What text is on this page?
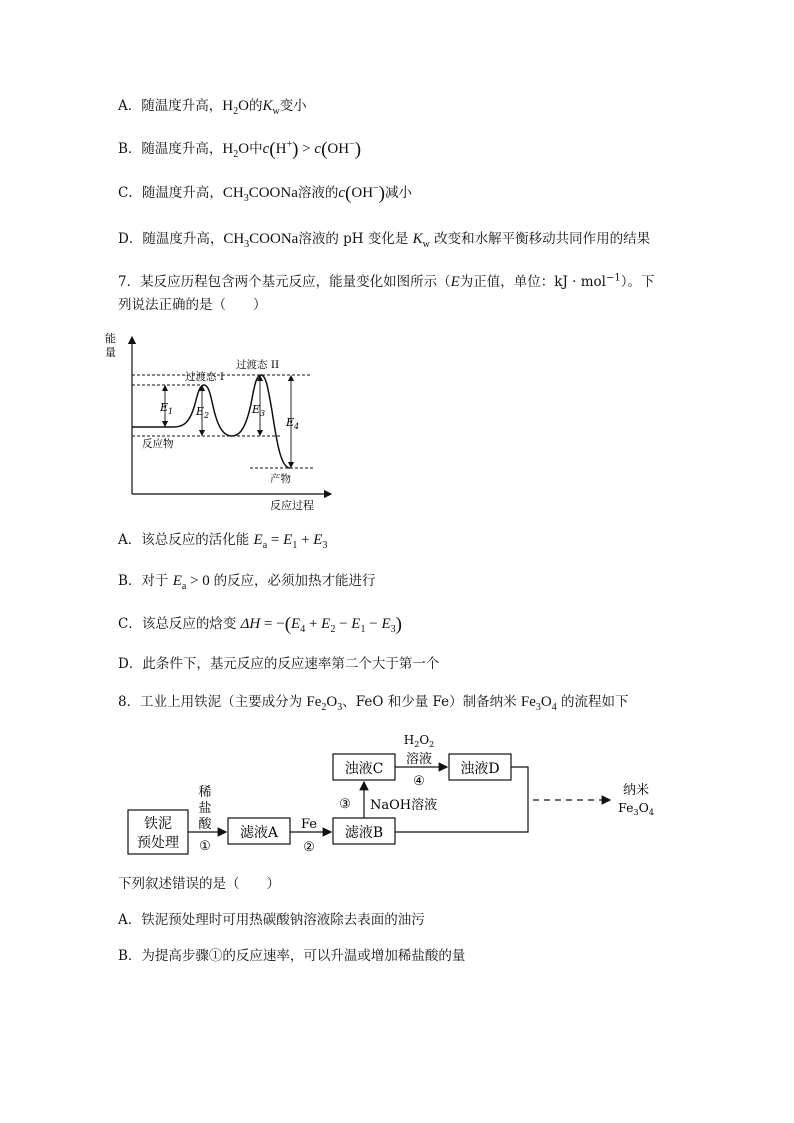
A．随温度升高，$H_2O$的$K_w$变小
B．随温度升高，$H_2O$中c(H+) > c(OH−)
C．随温度升高，$CH_3COONa$溶液的c(OH−)减小
D．随温度升高，$CH_3COONa$溶液的 pH 变化是 $K_w$ 改变和水解平衡移动共同作用的结果
7．某反应历程包含两个基元反应，能量变化如图所示（E为正值，单位：kJ · mol$^{-1}$）。下
列说法正确的是（　　）
能
量
反应过程
$E_1$ $E_2$	$E_3$
$E_4$
过渡态 I
过渡态 II
反应物
产物
A．该总反应的活化能 $E_a = E_1 + E_3$
B．对于 $E_a > 0$ 的反应，必须加热才能进行
C．该总反应的焓变 $\Delta H = -(E_4 + E_2 - E_1 - E_3)$
D．此条件下，基元反应的反应速率第二个大于第一个
8．工业上用铁泥（主要成分为 $Fe_2O_3$、FeO 和少量 Fe）制备纳米 $Fe_3O_4$ 的流程如下
铁泥
预处理
滤液A	滤液B
浊液C	浊液D
稀
盐
酸
①
Fe
②
③ NaOH溶液
$H_2O_2$
溶液
④
纳米
$Fe_3O_4$
下列叙述错误的是（　　）
A．铁泥预处理时可用热碳酸钠溶液除去表面的油污
B．为提高步骤①的反应速率，可以升温或增加稀盐酸的量
